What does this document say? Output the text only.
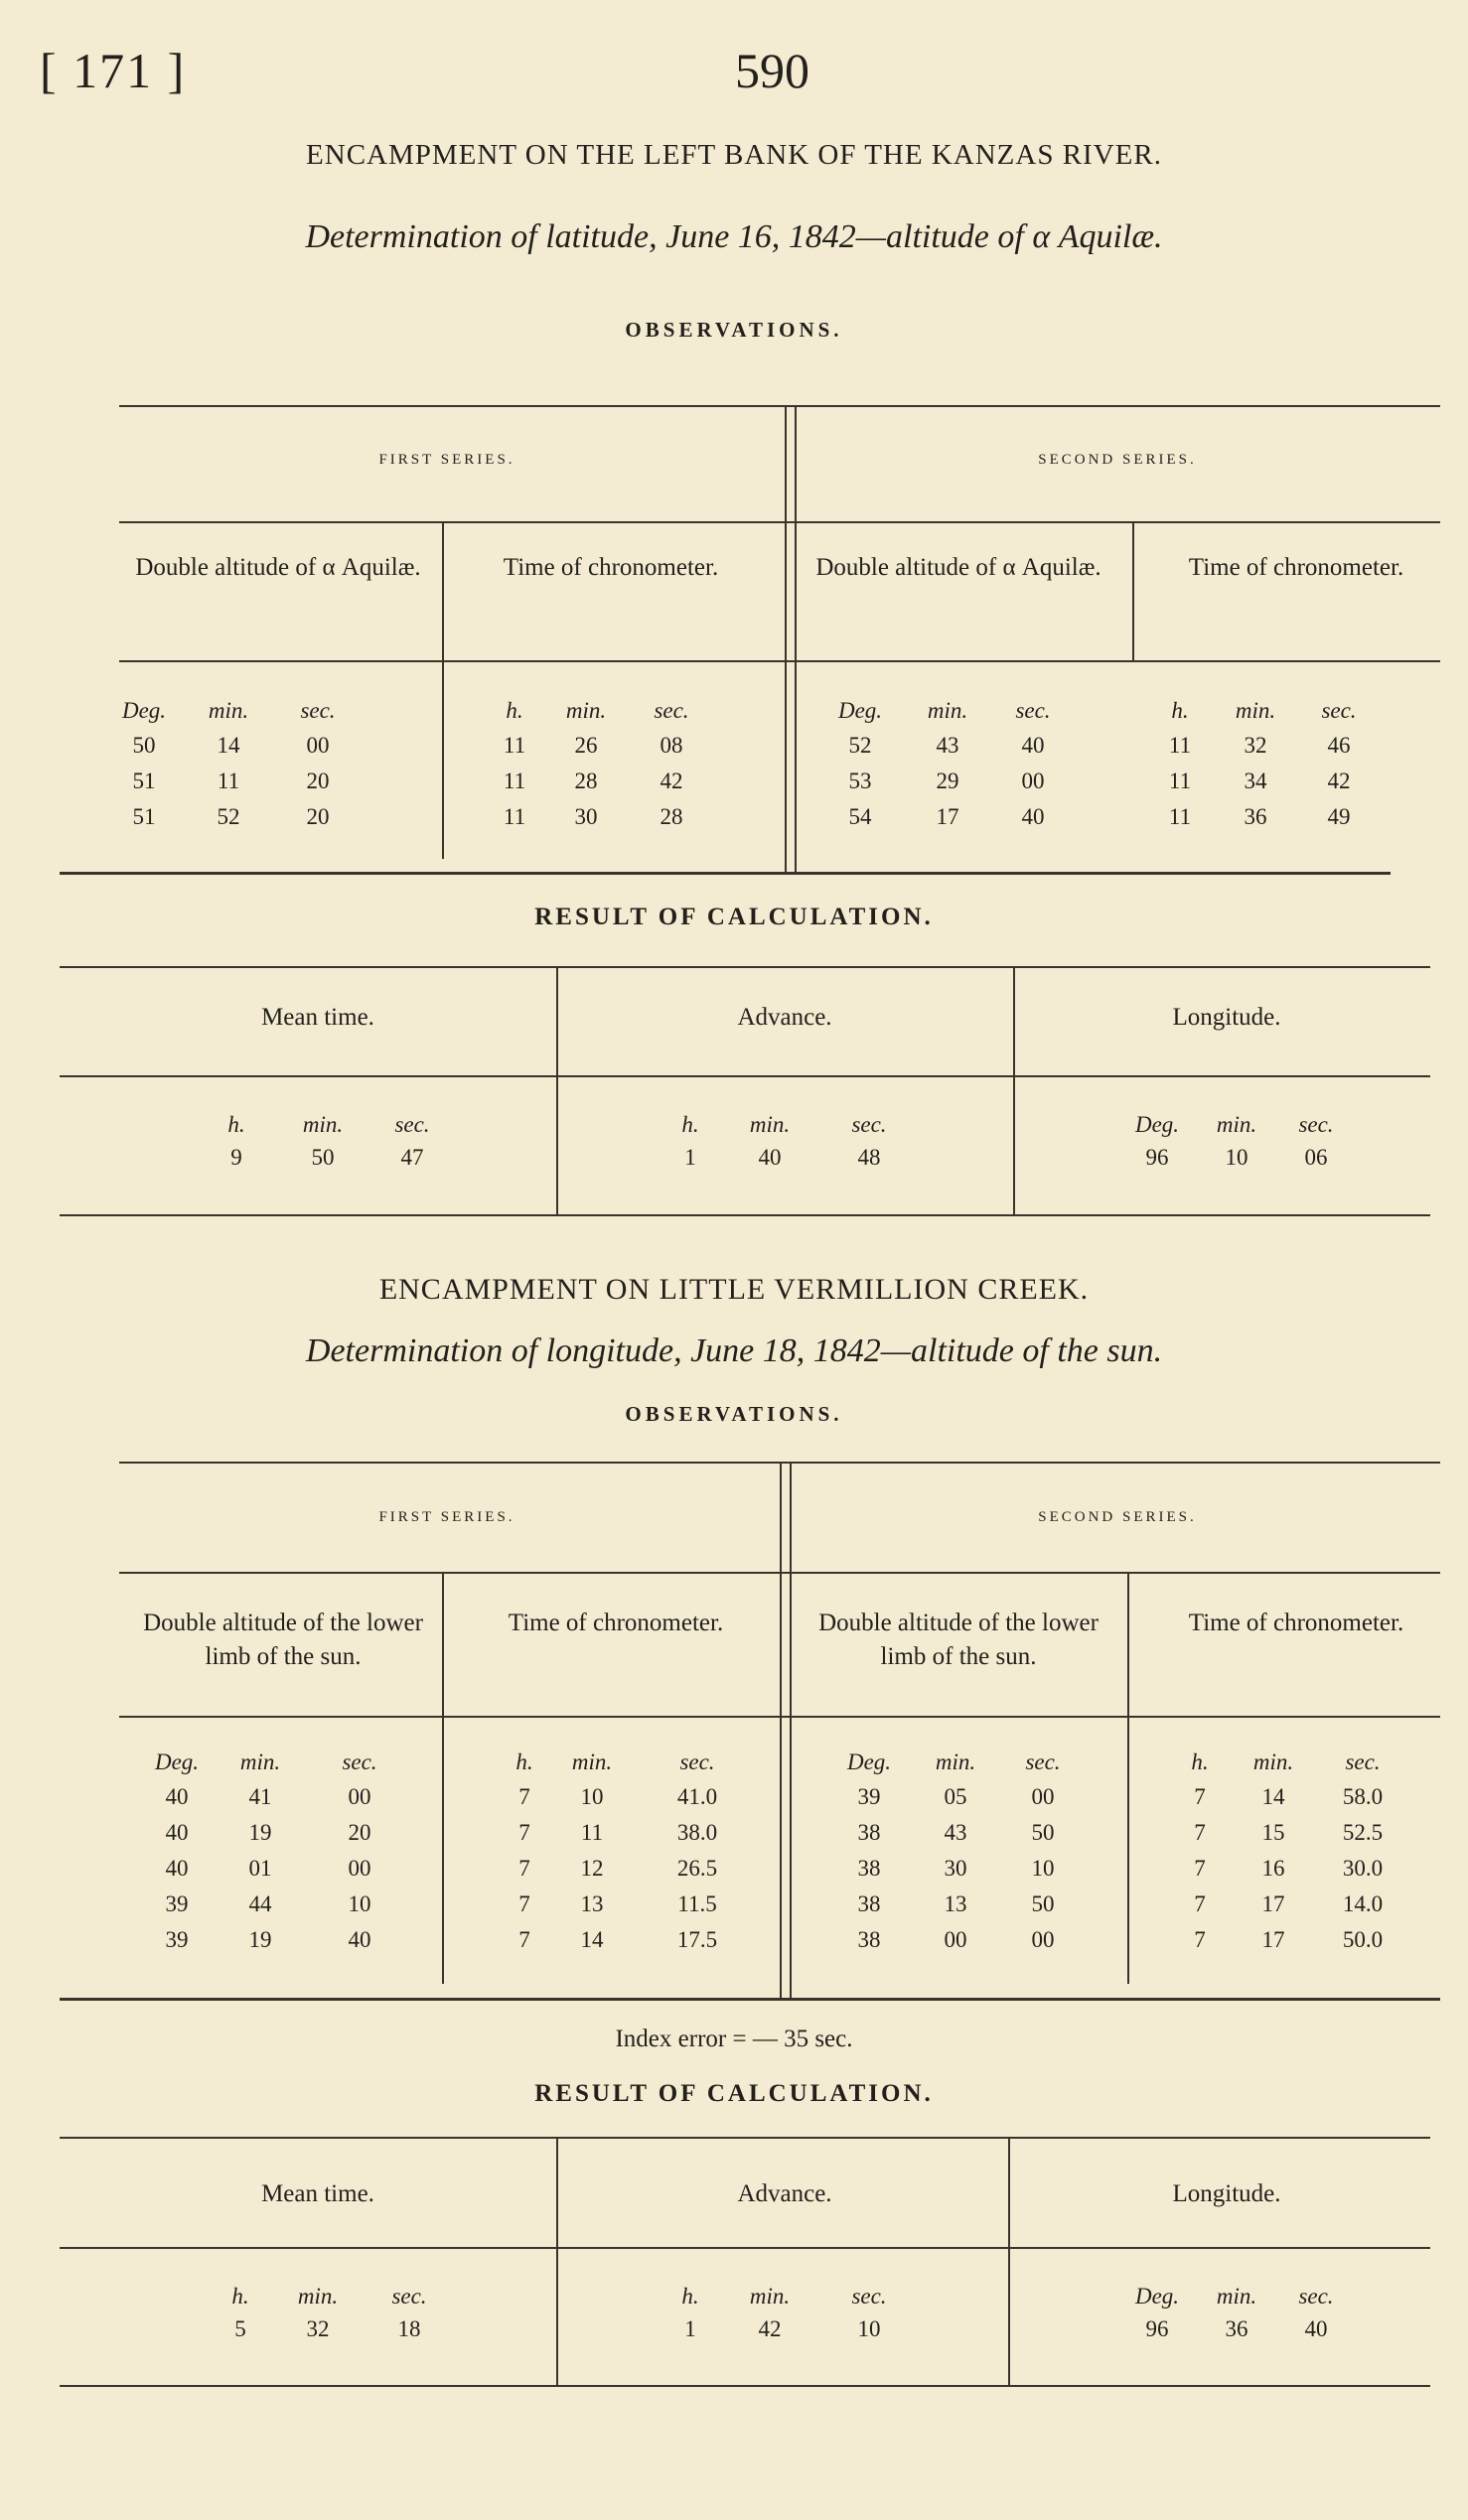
[ 171 ]	590
ENCAMPMENT ON THE LEFT BANK OF THE KANZAS RIVER.
Determination of latitude, June 16, 1842—altitude of α Aquilæ.
OBSERVATIONS.
FIRST SERIES.	SECOND SERIES.
Double altitude of α Aquilæ.	Time of chronometer.	Double altitude of α Aquilæ.	Time of chronometer.
Deg.	min.	sec.	h.	min.	sec.	Deg.	min.	sec.	h.	min.	sec.
50	14	00	11	26	08	52	43	40	11	32	46
51	11	20	11	28	42	53	29	00	11	34	42
51	52	20	11	30	28	54	17	40	11	36	49
RESULT OF CALCULATION.
Mean time.	Advance.	Longitude.
h.	min.	sec.	h.	min.	sec.	Deg.	min.	sec.
9	50	47	1	40	48	96	10	06
ENCAMPMENT ON LITTLE VERMILLION CREEK.
Determination of longitude, June 18, 1842—altitude of the sun.
OBSERVATIONS.
FIRST SERIES.	SECOND SERIES.
Double altitude of the lower limb of the sun.
Time of chronometer.	Double altitude of the lower limb of the sun.
Time of chronometer.
Deg.	min.	sec.	h.	min.	sec.	Deg.	min.	sec.	h.	min.	sec.
40	41	00	7	10	41.0	39	05	00	7	14	58.0
40	19	20	7	11	38.0	38	43	50	7	15	52.5
40	01	00	7	12	26.5	38	30	10	7	16	30.0
39	44	10	7	13	11.5	38	13	50	7	17	14.0
39	19	40	7	14	17.5	38	00	00	7	17	50.0
Index error = — 35 sec.
RESULT OF CALCULATION.
Mean time.	Advance.	Longitude.
h.	min.	sec.	h.	min.	sec.	Deg.	min.	sec.
5	32	18	1	42	10	96	36	40
